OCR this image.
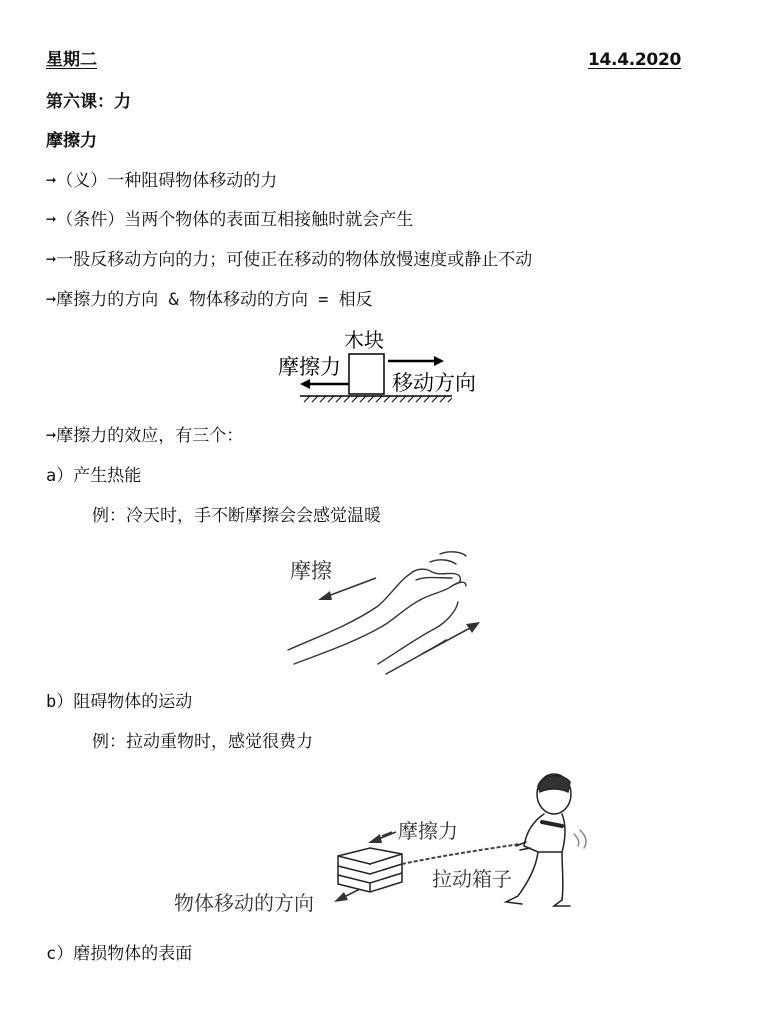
星期二	14.4.2020
第六课：力
摩擦力
➞（义）一种阻碍物体移动的力
➞（条件）当两个物体的表面互相接触时就会产生
➞一股反移动方向的力；可使正在移动的物体放慢速度或静止不动
➞摩擦力的方向 & 物体移动的方向 = 相反
木块
摩擦力
移动方向
➞摩擦力的效应，有三个：
a）产生热能
例：冷天时，手不断摩擦会会感觉温暖
摩擦
b）阻碍物体的运动
例：拉动重物时，感觉很费力
摩擦力
拉动箱子
物体移动的方向
c）磨损物体的表面
